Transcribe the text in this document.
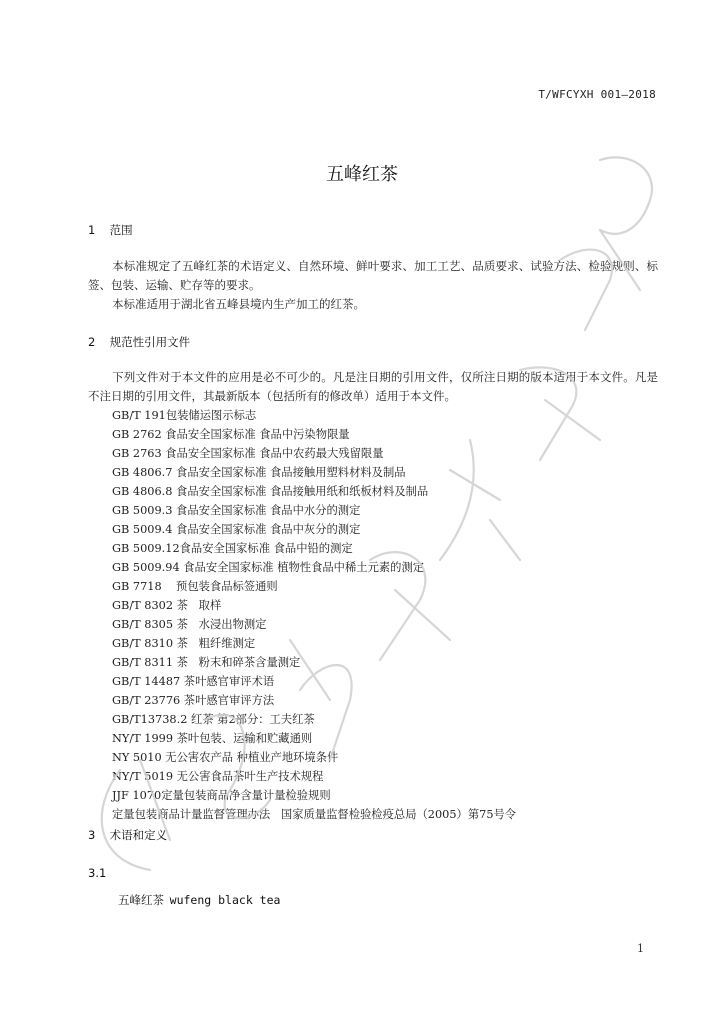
T/WFCYXH 001—2018
五峰红茶
1 范围
本标准规定了五峰红茶的术语定义、自然环境、鲜叶要求、加工工艺、品质要求、试验方法、检验规则、标签、包装、运输、贮存等的要求。
本标准适用于湖北省五峰县境内生产加工的红茶。
2 规范性引用文件
下列文件对于本文件的应用是必不可少的。凡是注日期的引用文件，仅所注日期的版本适用于本文件。凡是不注日期的引用文件，其最新版本（包括所有的修改单）适用于本文件。
GB/T 191包装储运图示标志
GB 2762 食品安全国家标准 食品中污染物限量
GB 2763 食品安全国家标准 食品中农药最大残留限量
GB 4806.7 食品安全国家标准 食品接触用塑料材料及制品
GB 4806.8 食品安全国家标准 食品接触用纸和纸板材料及制品
GB 5009.3 食品安全国家标准 食品中水分的测定
GB 5009.4 食品安全国家标准 食品中灰分的测定
GB 5009.12食品安全国家标准 食品中铅的测定
GB 5009.94 食品安全国家标准 植物性食品中稀土元素的测定
GB 7718    预包装食品标签通则
GB/T 8302 茶   取样
GB/T 8305 茶   水浸出物测定
GB/T 8310 茶   粗纤维测定
GB/T 8311 茶   粉末和碎茶含量测定
GB/T 14487 茶叶感官审评术语
GB/T 23776 茶叶感官审评方法
GB/T13738.2 红茶 第2部分：工夫红茶
NY/T 1999 茶叶包装、运输和贮藏通则
NY 5010 无公害农产品 种植业产地环境条件
NY/T 5019 无公害食品茶叶生产技术规程
JJF 1070定量包装商品净含量计量检验规则
定量包装商品计量监督管理办法   国家质量监督检验检疫总局（2005）第75号令
3 术语和定义
3.1
五峰红茶 wufeng black tea
1
